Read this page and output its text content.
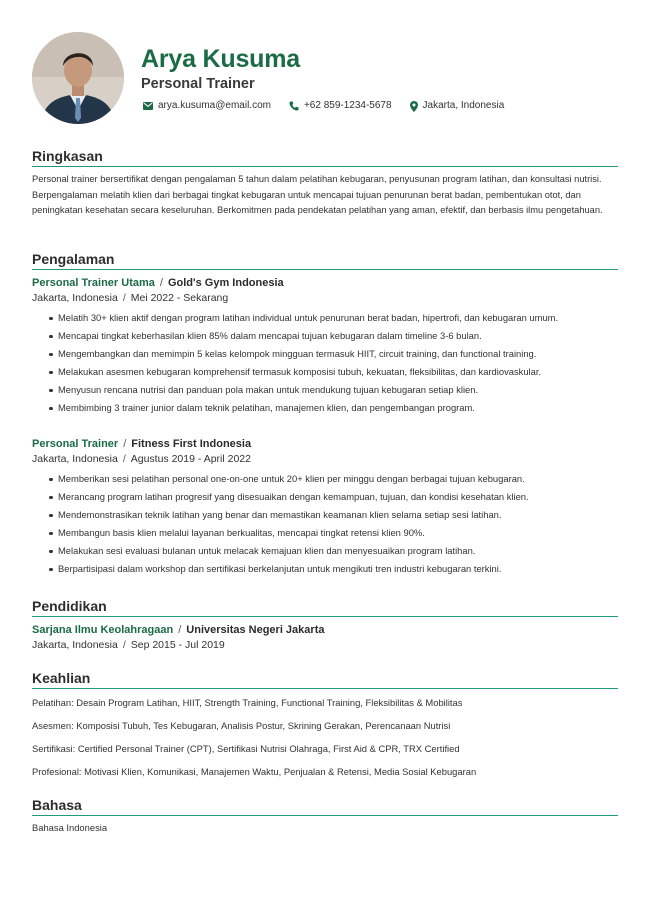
Arya Kusuma
Personal Trainer
arya.kusuma@email.com	+62 859-1234-5678	Jakarta, Indonesia
Ringkasan

Personal trainer bersertifikat dengan pengalaman 5 tahun dalam pelatihan kebugaran, penyusunan program latihan, dan konsultasi nutrisi. Berpengalaman melatih klien dari berbagai tingkat kebugaran untuk mencapai tujuan penurunan berat badan, pembentukan otot, dan peningkatan kesehatan secara keseluruhan. Berkomitmen pada pendekatan pelatihan yang aman, efektif, dan berbasis ilmu pengetahuan.

Pengalaman
Personal Trainer Utama / Gold's Gym Indonesia
Jakarta, Indonesia / Mei 2022 - Sekarang
Melatih 30+ klien aktif dengan program latihan individual untuk penurunan berat badan, hipertrofi, dan kebugaran umum.
Mencapai tingkat keberhasilan klien 85% dalam mencapai tujuan kebugaran dalam timeline 3-6 bulan.
Mengembangkan dan memimpin 5 kelas kelompok mingguan termasuk HIIT, circuit training, dan functional training.
Melakukan asesmen kebugaran komprehensif termasuk komposisi tubuh, kekuatan, fleksibilitas, dan kardiovaskular.
Menyusun rencana nutrisi dan panduan pola makan untuk mendukung tujuan kebugaran setiap klien.
Membimbing 3 trainer junior dalam teknik pelatihan, manajemen klien, dan pengembangan program.
Personal Trainer / Fitness First Indonesia
Jakarta, Indonesia / Agustus 2019 - April 2022
Memberikan sesi pelatihan personal one-on-one untuk 20+ klien per minggu dengan berbagai tujuan kebugaran.
Merancang program latihan progresif yang disesuaikan dengan kemampuan, tujuan, dan kondisi kesehatan klien.
Mendemonstrasikan teknik latihan yang benar dan memastikan keamanan klien selama setiap sesi latihan.
Membangun basis klien melalui layanan berkualitas, mencapai tingkat retensi klien 90%.
Melakukan sesi evaluasi bulanan untuk melacak kemajuan klien dan menyesuaikan program latihan.
Berpartisipasi dalam workshop dan sertifikasi berkelanjutan untuk mengikuti tren industri kebugaran terkini.
Pendidikan
Sarjana Ilmu Keolahragaan / Universitas Negeri Jakarta
Jakarta, Indonesia / Sep 2015 - Jul 2019
Keahlian

Pelatihan: Desain Program Latihan, HIIT, Strength Training, Functional Training, Fleksibilitas & Mobilitas

Asesmen: Komposisi Tubuh, Tes Kebugaran, Analisis Postur, Skrining Gerakan, Perencanaan Nutrisi

Sertifikasi: Certified Personal Trainer (CPT), Sertifikasi Nutrisi Olahraga, First Aid & CPR, TRX Certified

Profesional: Motivasi Klien, Komunikasi, Manajemen Waktu, Penjualan & Retensi, Media Sosial Kebugaran

Bahasa

Bahasa Indonesia
